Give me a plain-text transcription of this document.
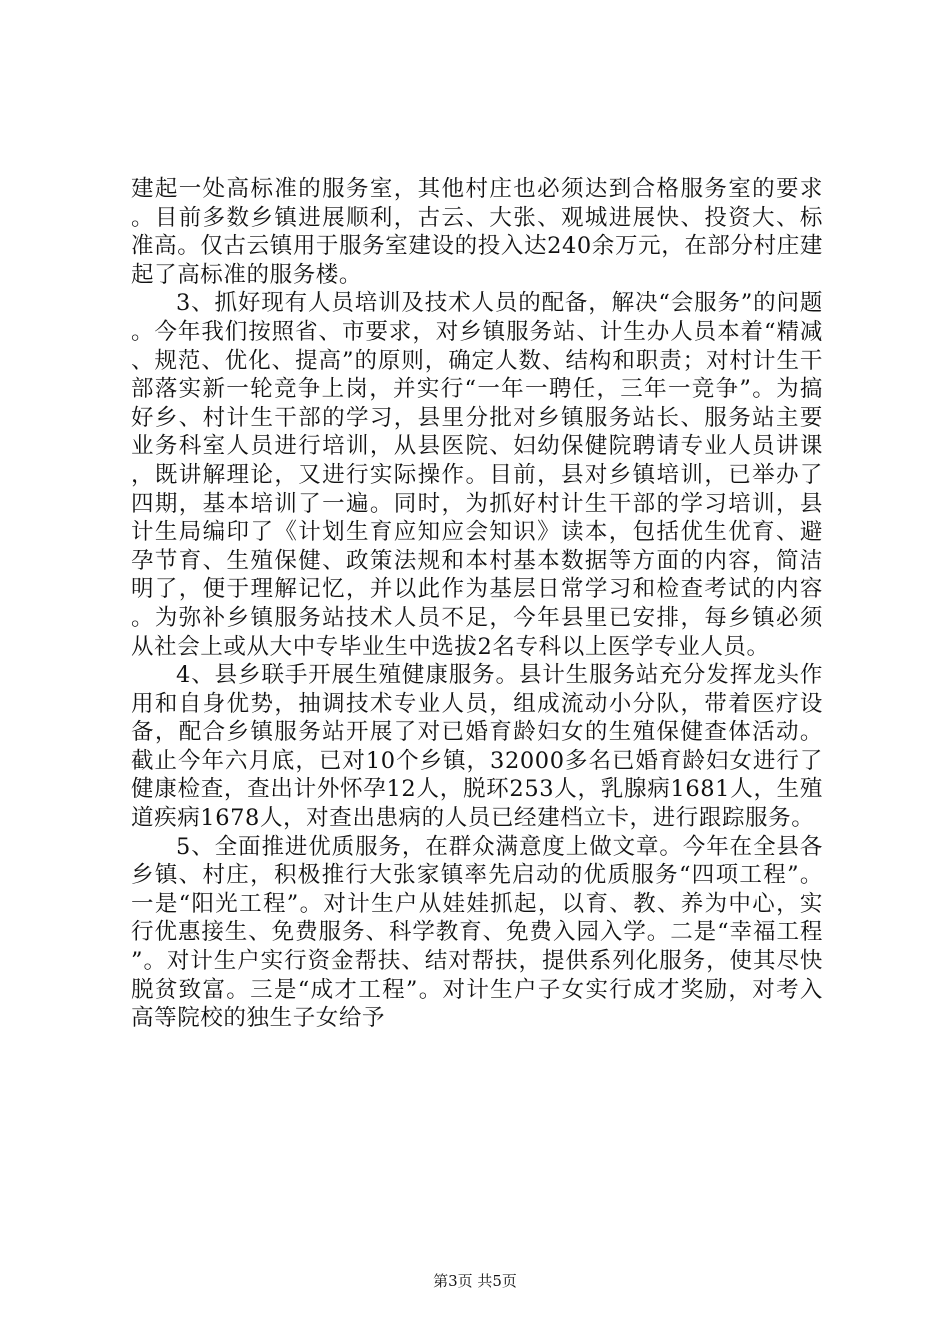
建起一处高标准的服务室，其他村庄也必须达到合格服务室的要求。目前多数乡镇进展顺利，古云、大张、观城进展快、投资大、标准高。仅古云镇用于服务室建设的投入达240余万元，在部分村庄建起了高标准的服务楼。

3、抓好现有人员培训及技术人员的配备，解决“会服务”的问题。今年我们按照省、市要求，对乡镇服务站、计生办人员本着“精减、规范、优化、提高”的原则，确定人数、结构和职责；对村计生干部落实新一轮竞争上岗，并实行“一年一聘任，三年一竞争”。为搞好乡、村计生干部的学习，县里分批对乡镇服务站长、服务站主要业务科室人员进行培训，从县医院、妇幼保健院聘请专业人员讲课，既讲解理论，又进行实际操作。目前，县对乡镇培训，已举办了四期，基本培训了一遍。同时，为抓好村计生干部的学习培训，县计生局编印了《计划生育应知应会知识》读本，包括优生优育、避孕节育、生殖保健、政策法规和本村基本数据等方面的内容，简洁明了，便于理解记忆，并以此作为基层日常学习和检查考试的内容。为弥补乡镇服务站技术人员不足，今年县里已安排，每乡镇必须从社会上或从大中专毕业生中选拔2名专科以上医学专业人员。

4、县乡联手开展生殖健康服务。县计生服务站充分发挥龙头作用和自身优势，抽调技术专业人员，组成流动小分队，带着医疗设备，配合乡镇服务站开展了对已婚育龄妇女的生殖保健查体活动。截止今年六月底，已对10个乡镇，32000多名已婚育龄妇女进行了健康检查，查出计外怀孕12人，脱环253人，乳腺病1681人，生殖道疾病1678人，对查出患病的人员已经建档立卡，进行跟踪服务。

5、全面推进优质服务，在群众满意度上做文章。今年在全县各乡镇、村庄，积极推行大张家镇率先启动的优质服务“四项工程”。一是“阳光工程”。对计生户从娃娃抓起，以育、教、养为中心，实行优惠接生、免费服务、科学教育、免费入园入学。二是“幸福工程”。对计生户实行资金帮扶、结对帮扶，提供系列化服务，使其尽快脱贫致富。三是“成才工程”。对计生户子女实行成才奖励，对考入高等院校的独生子女给予

第3页 共5页
